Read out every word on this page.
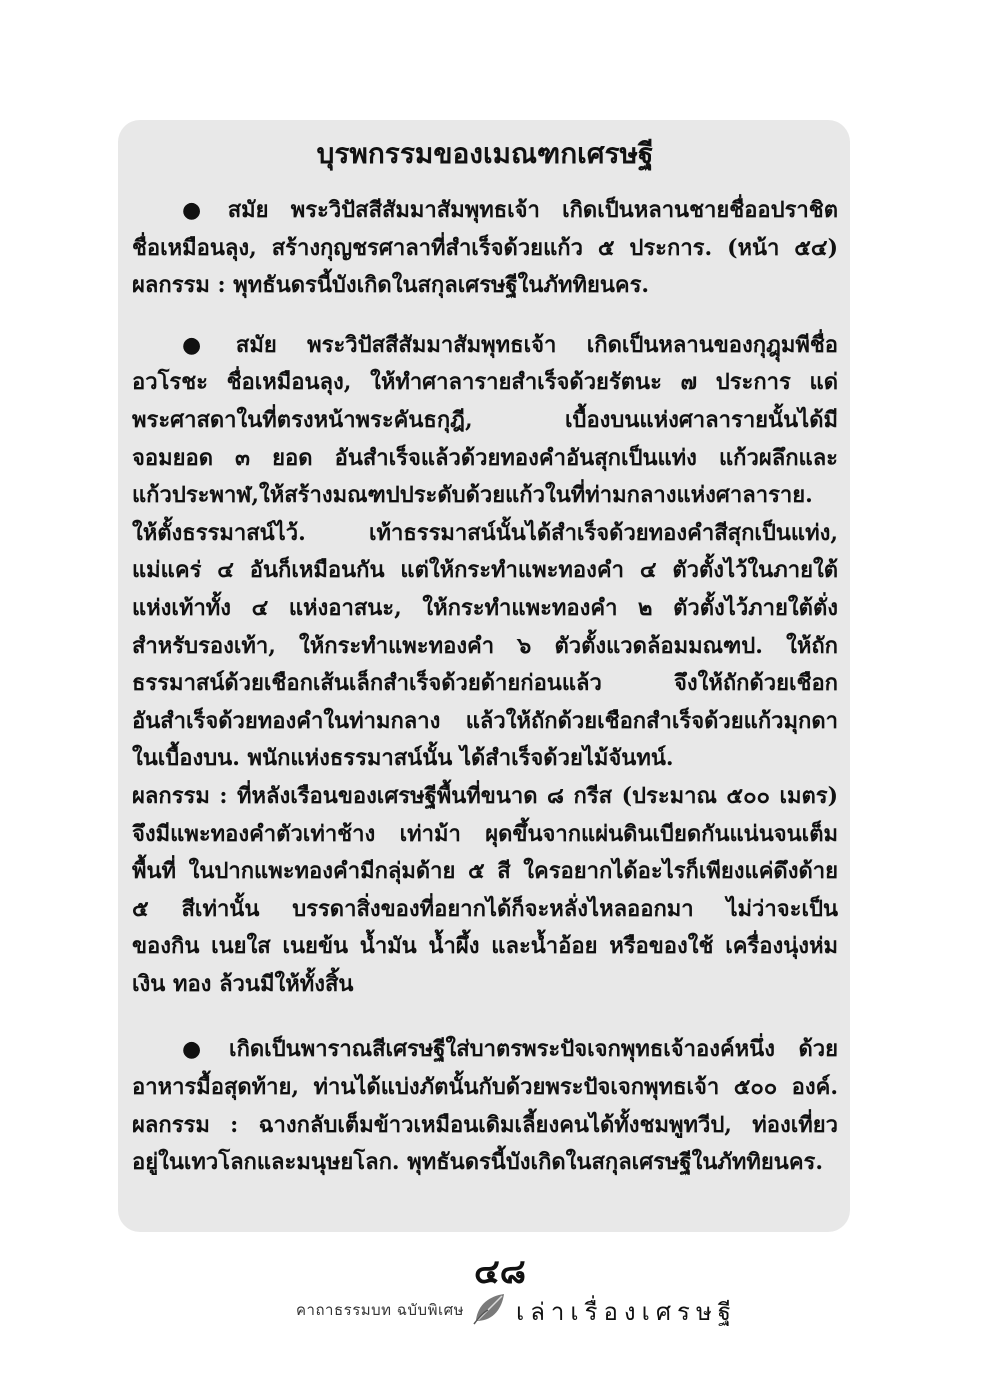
บุรพกรรมของเมณฑกเศรษฐี
● สมัย พระวิปัสสีสัมมาสัมพุทธเจ้า เกิดเป็นหลานชายชื่ออปราชิต
ชื่อเหมือนลุง, สร้างกุญชรศาลาที่สำเร็จด้วยแก้ว ๕ ประการ. (หน้า ๕๔)
ผลกรรม : พุทธันดรนี้บังเกิดในสกุลเศรษฐีในภัททิยนคร.
● สมัย พระวิปัสสีสัมมาสัมพุทธเจ้า เกิดเป็นหลานของกุฎุมพีชื่อ
อวโรชะ ชื่อเหมือนลุง, ให้ทำศาลารายสำเร็จด้วยรัตนะ ๗ ประการ แด่
พระศาสดาในที่ตรงหน้าพระคันธกุฎี, เบื้องบนแห่งศาลารายนั้นได้มี
จอมยอด ๓ ยอด อันสำเร็จแล้วด้วยทองคำอันสุกเป็นแท่ง แก้วผลึกและ
แก้วประพาฬ,ให้สร้างมณฑปประดับด้วยแก้วในที่ท่ามกลางแห่งศาลาราย.
ให้ตั้งธรรมาสน์ไว้. เท้าธรรมาสน์นั้นได้สำเร็จด้วยทองคำสีสุกเป็นแท่ง,
แม่แคร่ ๔ อันก็เหมือนกัน แต่ให้กระทำแพะทองคำ ๔ ตัวตั้งไว้ในภายใต้
แห่งเท้าทั้ง ๔ แห่งอาสนะ, ให้กระทำแพะทองคำ ๒ ตัวตั้งไว้ภายใต้ตั่ง
สำหรับรองเท้า, ให้กระทำแพะทองคำ ๖ ตัวตั้งแวดล้อมมณฑป. ให้ถัก
ธรรมาสน์ด้วยเชือกเส้นเล็กสำเร็จด้วยด้ายก่อนแล้ว จึงให้ถักด้วยเชือก
อันสำเร็จด้วยทองคำในท่ามกลาง แล้วให้ถักด้วยเชือกสำเร็จด้วยแก้วมุกดา
ในเบื้องบน. พนักแห่งธรรมาสน์นั้น ได้สำเร็จด้วยไม้จันทน์.
ผลกรรม : ที่หลังเรือนของเศรษฐีพื้นที่ขนาด ๘ กรีส (ประมาณ ๕๐๐ เมตร)
จึงมีแพะทองคำตัวเท่าช้าง เท่าม้า ผุดขึ้นจากแผ่นดินเบียดกันแน่นจนเต็ม
พื้นที่ ในปากแพะทองคำมีกลุ่มด้าย ๕ สี ใครอยากได้อะไรก็เพียงแค่ดึงด้าย
๕ สีเท่านั้น บรรดาสิ่งของที่อยากได้ก็จะหลั่งไหลออกมา ไม่ว่าจะเป็น
ของกิน เนยใส เนยข้น น้ำมัน น้ำผึ้ง และน้ำอ้อย หรือของใช้ เครื่องนุ่งห่ม
เงิน ทอง ล้วนมีให้ทั้งสิ้น
● เกิดเป็นพาราณสีเศรษฐีใส่บาตรพระปัจเจกพุทธเจ้าองค์หนึ่ง ด้วย
อาหารมื้อสุดท้าย, ท่านได้แบ่งภัตนั้นกับด้วยพระปัจเจกพุทธเจ้า ๕๐๐ องค์.
ผลกรรม : ฉางกลับเต็มข้าวเหมือนเดิมเลี้ยงคนได้ทั้งชมพูทวีป, ท่องเที่ยว
อยู่ในเทวโลกและมนุษยโลก. พุทธันดรนี้บังเกิดในสกุลเศรษฐีในภัททิยนคร.
๔๘
คาถาธรรมบท ฉบับพิเศษ เล่าเรื่องเศรษฐี
